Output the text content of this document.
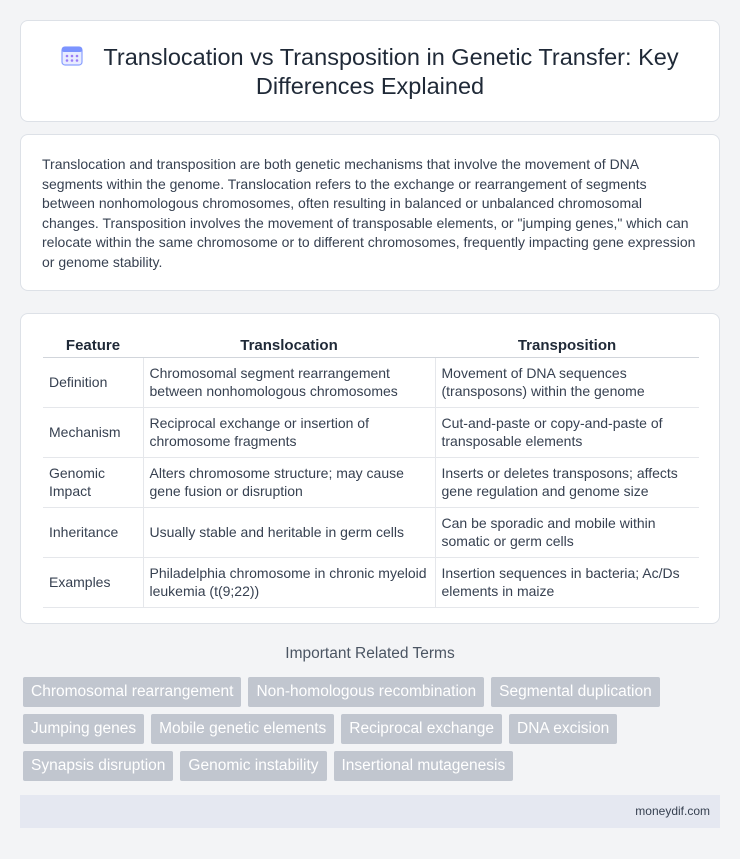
Translocation vs Transposition in Genetic Transfer: Key Differences Explained

Translocation and transposition are both genetic mechanisms that involve the movement of DNA segments within the genome. Translocation refers to the exchange or rearrangement of segments between nonhomologous chromosomes, often resulting in balanced or unbalanced chromosomal changes. Transposition involves the movement of transposable elements, or "jumping genes," which can relocate within the same chromosome or to different chromosomes, frequently impacting gene expression or genome stability.

Feature	Translocation	Transposition
Definition	Chromosomal segment rearrangement between nonhomologous chromosomes	Movement of DNA sequences (transposons) within the genome
Mechanism	Reciprocal exchange or insertion of chromosome fragments	Cut-and-paste or copy-and-paste of transposable elements
Genomic Impact	Alters chromosome structure; may cause gene fusion or disruption	Inserts or deletes transposons; affects gene regulation and genome size
Inheritance	Usually stable and heritable in germ cells	Can be sporadic and mobile within somatic or germ cells
Examples	Philadelphia chromosome in chronic myeloid leukemia (t(9;22))	Insertion sequences in bacteria; Ac/Ds elements in maize
Important Related Terms
Chromosomal rearrangement	Non-homologous recombination	Segmental duplication
Jumping genes	Mobile genetic elements	Reciprocal exchange	DNA excision
Synapsis disruption	Genomic instability	Insertional mutagenesis
moneydif.com
